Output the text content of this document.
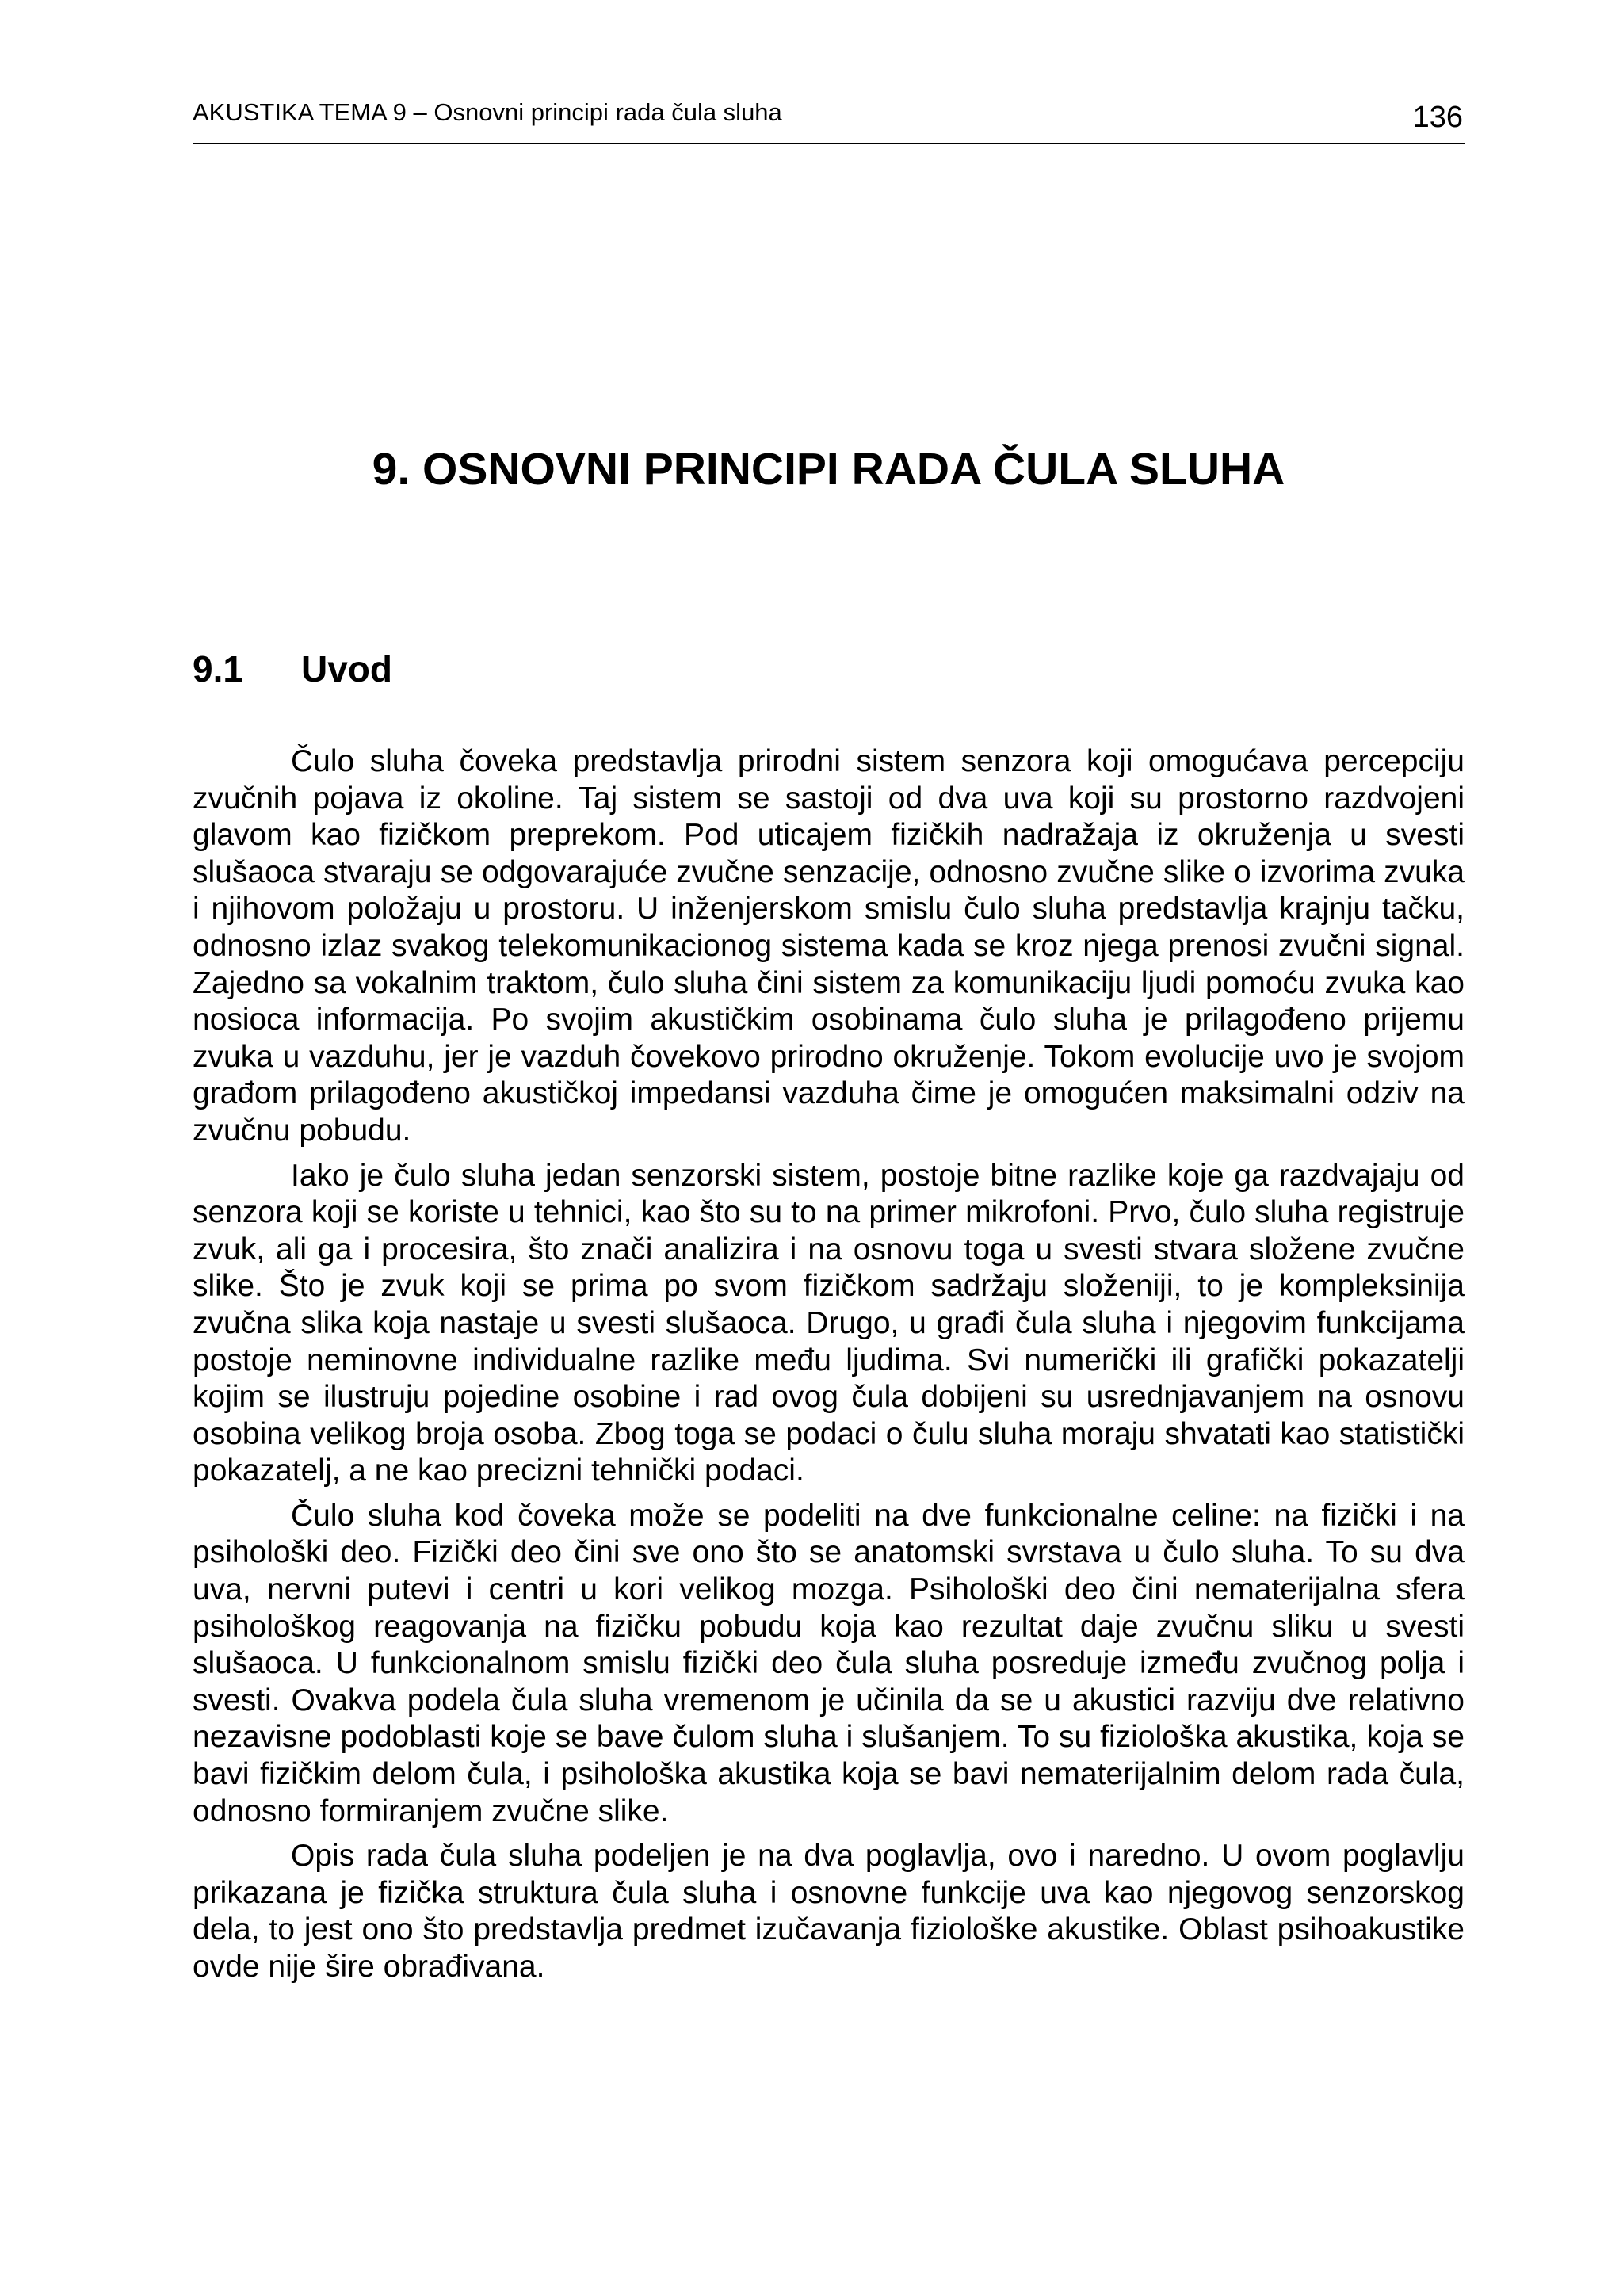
AKUSTIKA TEMA 9 – Osnovni principi rada čula sluha	136
9. OSNOVNI PRINCIPI RADA ČULA SLUHA
9.1 Uvod

Čulo sluha čoveka predstavlja prirodni sistem senzora koji omogućava percepciju zvučnih pojava iz okoline. Taj sistem se sastoji od dva uva koji su prostorno razdvojeni glavom kao fizičkom preprekom. Pod uticajem fizičkih nadražaja iz okruženja u svesti slušaoca stvaraju se odgovarajuće zvučne senzacije, odnosno zvučne slike o izvorima zvuka i njihovom položaju u prostoru. U inženjerskom smislu čulo sluha predstavlja krajnju tačku, odnosno izlaz svakog telekomunikacionog sistema kada se kroz njega prenosi zvučni signal. Zajedno sa vokalnim traktom, čulo sluha čini sistem za komunikaciju ljudi pomoću zvuka kao nosioca informacija. Po svojim akustičkim osobinama čulo sluha je prilagođeno prijemu zvuka u vazduhu, jer je vazduh čovekovo prirodno okruženje. Tokom evolucije uvo je svojom građom prilagođeno akustičkoj impedansi vazduha čime je omogućen maksimalni odziv na zvučnu pobudu.

Iako je čulo sluha jedan senzorski sistem, postoje bitne razlike koje ga razdvajaju od senzora koji se koriste u tehnici, kao što su to na primer mikrofoni. Prvo, čulo sluha registruje zvuk, ali ga i procesira, što znači analizira i na osnovu toga u svesti stvara složene zvučne slike. Što je zvuk koji se prima po svom fizičkom sadržaju složeniji, to je kompleksinija zvučna slika koja nastaje u svesti slušaoca. Drugo, u građi čula sluha i njegovim funkcijama postoje neminovne individualne razlike među ljudima. Svi numerički ili grafički pokazatelji kojim se ilustruju pojedine osobine i rad ovog čula dobijeni su usrednjavanjem na osnovu osobina velikog broja osoba. Zbog toga se podaci o čulu sluha moraju shvatati kao statistički pokazatelj, a ne kao precizni tehnički podaci.

Čulo sluha kod čoveka može se podeliti na dve funkcionalne celine: na fizički i na psihološki deo. Fizički deo čini sve ono što se anatomski svrstava u čulo sluha. To su dva uva, nervni putevi i centri u kori velikog mozga. Psihološki deo čini nematerijalna sfera psihološkog reagovanja na fizičku pobudu koja kao rezultat daje zvučnu sliku u svesti slušaoca. U funkcionalnom smislu fizički deo čula sluha posreduje između zvučnog polja i svesti. Ovakva podela čula sluha vremenom je učinila da se u akustici razviju dve relativno nezavisne podoblasti koje se bave čulom sluha i slušanjem. To su fiziološka akustika, koja se bavi fizičkim delom čula, i psihološka akustika koja se bavi nematerijalnim delom rada čula, odnosno formiranjem zvučne slike.

Opis rada čula sluha podeljen je na dva poglavlja, ovo i naredno. U ovom poglavlju prikazana je fizička struktura čula sluha i osnovne funkcije uva kao njegovog senzorskog dela, to jest ono što predstavlja predmet izučavanja fiziološke akustike. Oblast psihoakustike ovde nije šire obrađivana.
